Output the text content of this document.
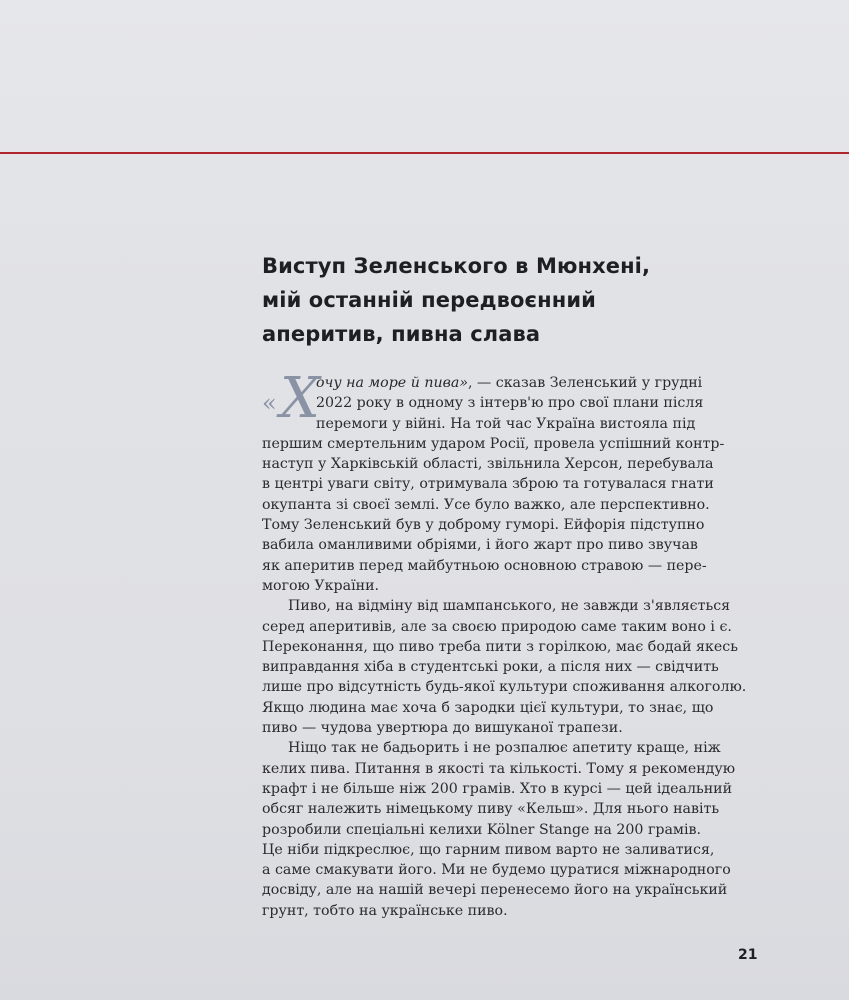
Виступ Зеленського в Мюнхені,
мій останній передвоєнний
аперитив, пивна слава
« Х
очу на море й пива», — сказав Зеленський у грудні
2022 року в одному з інтерв'ю про свої плани після
перемоги у війні. На той час Україна вистояла під
першим смертельним ударом Росії, провела успішний контр-
наступ у Харківській області, звільнила Херсон, перебувала
в центрі уваги світу, отримувала зброю та готувалася гнати
окупанта зі своєї землі. Усе було важко, але перспективно.
Тому Зеленський був у доброму гуморі. Ейфорія підступно
вабила оманливими обріями, і його жарт про пиво звучав
як аперитив перед майбутньою основною стравою — пере-
могою України.
Пиво, на відміну від шампанського, не завжди з'являється
серед аперитивів, але за своєю природою саме таким воно і є.
Переконання, що пиво треба пити з горілкою, має бодай якесь
виправдання хіба в студентські роки, а після них — свідчить
лише про відсутність будь-якої культури споживання алкоголю.
Якщо людина має хоча б зародки цієї культури, то знає, що
пиво — чудова увертюра до вишуканої трапези.
Ніщо так не бадьорить і не розпалює апетиту краще, ніж
келих пива. Питання в якості та кількості. Тому я рекомендую
крафт і не більше ніж 200 грамів. Хто в курсі — цей ідеальний
обсяг належить німецькому пиву «Кельш». Для нього навіть
розробили спеціальні келихи Kölner Stange на 200 грамів.
Це ніби підкреслює, що гарним пивом варто не заливатися,
а саме смакувати його. Ми не будемо цуратися міжнародного
досвіду, але на нашій вечері перенесемо його на український
грунт, тобто на українське пиво.
21
